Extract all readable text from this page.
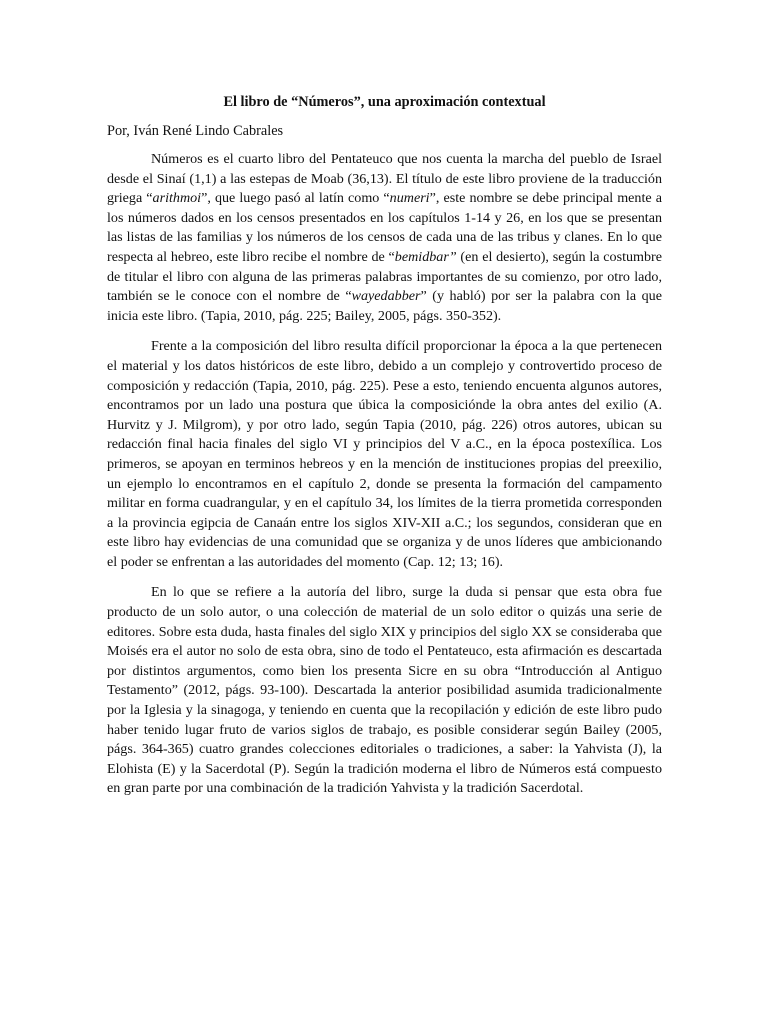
El libro de “Números”, una aproximación contextual
Por, Iván René Lindo Cabrales

Números es el cuarto libro del Pentateuco que nos cuenta la marcha del pueblo de Israel desde el Sinaí (1,1) a las estepas de Moab (36,13). El título de este libro proviene de la traducción griega “arithmoi”, que luego pasó al latín como “numeri”, este nombre se debe principal mente a los números dados en los censos presentados en los capítulos 1-14 y 26, en los que se presentan las listas de las familias y los números de los censos de cada una de las tribus y clanes. En lo que respecta al hebreo, este libro recibe el nombre de “bemidbar” (en el desierto), según la costumbre de titular el libro con alguna de las primeras palabras importantes de su comienzo, por otro lado, también se le conoce con el nombre de “wayedabber” (y habló) por ser la palabra con la que inicia este libro. (Tapia, 2010, pág. 225; Bailey, 2005, págs. 350-352).

Frente a la composición del libro resulta difícil proporcionar la época a la que pertenecen el material y los datos históricos de este libro, debido a un complejo y controvertido proceso de composición y redacción (Tapia, 2010, pág. 225). Pese a esto, teniendo encuenta algunos autores, encontramos por un lado una postura que úbica la composiciónde la obra antes del exilio (A. Hurvitz y J. Milgrom), y por otro lado, según Tapia (2010, pág. 226) otros autores, ubican su redacción final hacia finales del siglo VI y principios del V a.C., en la época postexílica. Los primeros, se apoyan en terminos hebreos y en la mención de instituciones propias del preexilio, un ejemplo lo encontramos en el capítulo 2, donde se presenta la formación del campamento militar en forma cuadrangular, y en el capítulo 34, los límites de la tierra prometida corresponden a la provincia egipcia de Canaán entre los siglos XIV-XII a.C.; los segundos, consideran que en este libro hay evidencias de una comunidad que se organiza y de unos líderes que ambicionando el poder se enfrentan a las autoridades del momento (Cap. 12; 13; 16).

En lo que se refiere a la autoría del libro, surge la duda si pensar que esta obra fue producto de un solo autor, o una colección de material de un solo editor o quizás una serie de editores. Sobre esta duda, hasta finales del siglo XIX y principios del siglo XX se consideraba que Moisés era el autor no solo de esta obra, sino de todo el Pentateuco, esta afirmación es descartada por distintos argumentos, como bien los presenta Sicre en su obra “Introducción al Antiguo Testamento” (2012, págs. 93-100). Descartada la anterior posibilidad asumida tradicionalmente por la Iglesia y la sinagoga, y teniendo en cuenta que la recopilación y edición de este libro pudo haber tenido lugar fruto de varios siglos de trabajo, es posible considerar según Bailey (2005, págs. 364-365) cuatro grandes colecciones editoriales o tradiciones, a saber: la Yahvista (J), la Elohista (E) y la Sacerdotal (P). Según la tradición moderna el libro de Números está compuesto en gran parte por una combinación de la tradición Yahvista y la tradición Sacerdotal.
